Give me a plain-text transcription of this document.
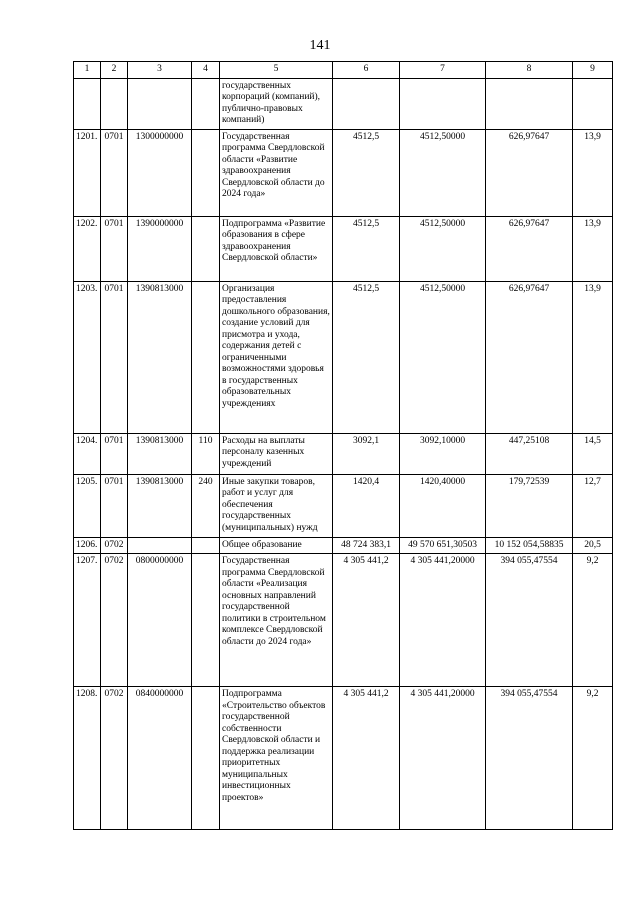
141
1	2	3	4	5	6	7	8	9
				государственных корпораций (компаний), публично-правовых компаний)				
1201.	0701	1300000000		Государственная программа Свердловской области «Развитие здравоохранения Свердловской области до 2024 года»	4512,5	4512,50000	626,97647	13,9
1202.	0701	1390000000		Подпрограмма «Развитие образования в сфере здравоохранения Свердловской области»	4512,5	4512,50000	626,97647	13,9
1203.	0701	1390813000		Организация предоставления дошкольного образования, создание условий для присмотра и ухода, содержания детей с ограниченными возможностями здоровья в государственных образовательных учреждениях	4512,5	4512,50000	626,97647	13,9
1204.	0701	1390813000	110	Расходы на выплаты персоналу казенных учреждений	3092,1	3092,10000	447,25108	14,5
1205.	0701	1390813000	240	Иные закупки товаров, работ и услуг для обеспечения государственных (муниципальных) нужд	1420,4	1420,40000	179,72539	12,7
1206.	0702			Общее образование	48 724 383,1	49 570 651,30503	10 152 054,58835	20,5
1207.	0702	0800000000		Государственная программа Свердловской области «Реализация основных направлений государственной политики в строительном комплексе Свердловской области до 2024 года»	4 305 441,2	4 305 441,20000	394 055,47554	9,2
1208.	0702	0840000000		Подпрограмма «Строительство объектов государственной собственности Свердловской области и поддержка реализации приоритетных муниципальных инвестиционных проектов»	4 305 441,2	4 305 441,20000	394 055,47554	9,2
